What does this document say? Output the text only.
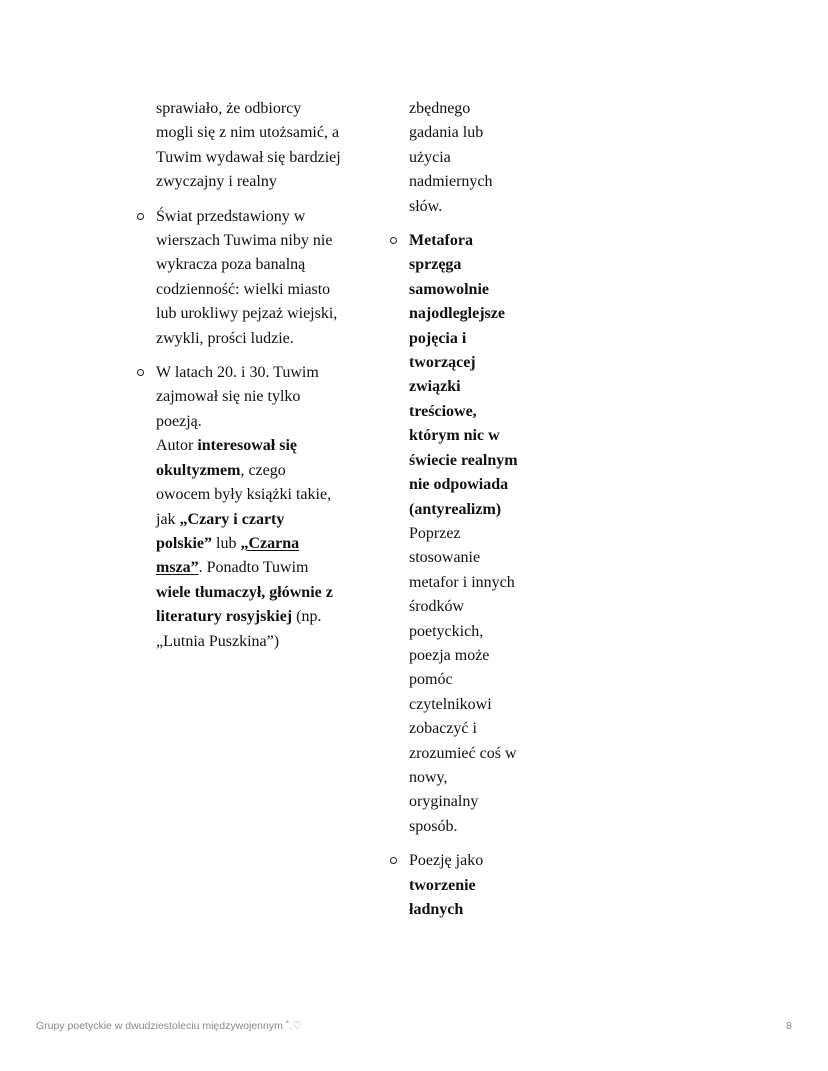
sprawiało, że odbiorcy mogli się z nim utożsamić, a Tuwim wydawał się bardziej zwyczajny i realny

Świat przedstawiony w wierszach Tuwima niby nie wykracza poza banalną codzienność: wielki miasto lub urokliwy pejzaż wiejski, zwykli, prości ludzie.

W latach 20. i 30. Tuwim zajmował się nie tylko poezją.
Autor interesował się okultyzmem, czego owocem były książki takie, jak „Czary i czarty polskie” lub „Czarna msza”. Ponadto Tuwim wiele tłumaczył, głównie z literatury rosyjskiej (np. „Lutnia Puszkina”)

zbędnego gadania lub użycia nadmiernych słów.

Metafora sprzęga samowolnie najodleglejsze pojęcia i tworzącej związki treściowe, którym nic w świecie realnym nie odpowiada (antyrealizm) Poprzez stosowanie metafor i innych środków poetyckich, poezja może pomóc czytelnikowi zobaczyć i zrozumieć coś w nowy, oryginalny sposób.

Poezję jako tworzenie ładnych

Grupy poetyckie w dwudziestoleciu międzywojennym ˚.♡	8
